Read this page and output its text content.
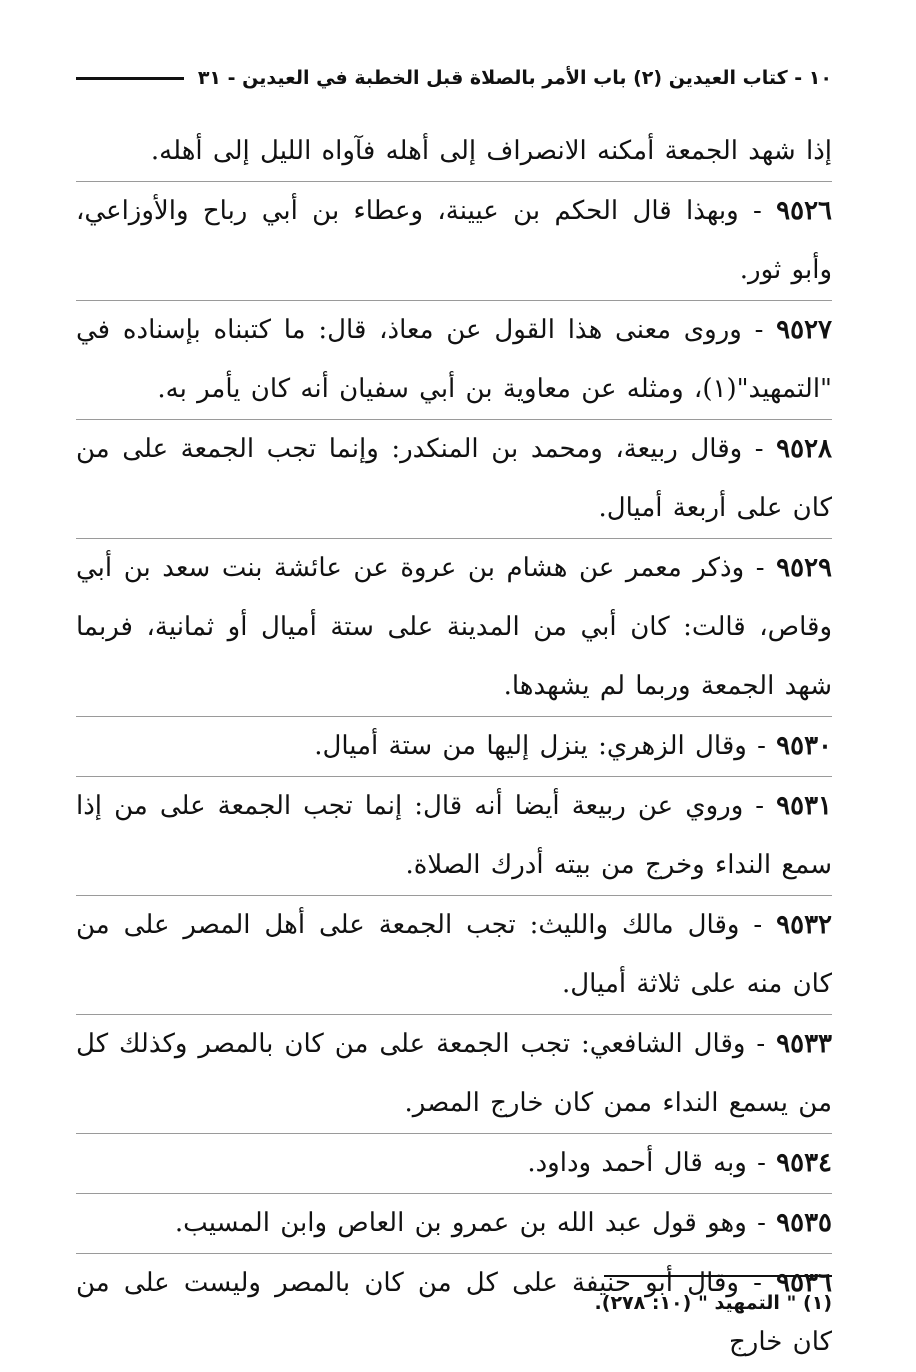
١٠ - كتاب العيدين (٢) باب الأمر بالصلاة قبل الخطبة في العيدين - ٣١

إذا شهد الجمعة أمكنه الانصراف إلى أهله فآواه الليل إلى أهله.

٩٥٢٦ - وبهذا قال الحكم بن عيينة، وعطاء بن أبي رباح والأوزاعي، وأبو ثور.

٩٥٢٧ - وروى معنى هذا القول عن معاذ، قال: ما كتبناه بإسناده في "التمهيد"(١)، ومثله عن معاوية بن أبي سفيان أنه كان يأمر به.

٩٥٢٨ - وقال ربيعة، ومحمد بن المنكدر: وإنما تجب الجمعة على من كان على أربعة أميال.

٩٥٢٩ - وذكر معمر عن هشام بن عروة عن عائشة بنت سعد بن أبي وقاص، قالت: كان أبي من المدينة على ستة أميال أو ثمانية، فربما شهد الجمعة وربما لم يشهدها.

٩٥٣٠ - وقال الزهري: ينزل إليها من ستة أميال.

٩٥٣١ - وروي عن ربيعة أيضا أنه قال: إنما تجب الجمعة على من إذا سمع النداء وخرج من بيته أدرك الصلاة.

٩٥٣٢ - وقال مالك والليث: تجب الجمعة على أهل المصر على من كان منه على ثلاثة أميال.

٩٥٣٣ - وقال الشافعي: تجب الجمعة على من كان بالمصر وكذلك كل من يسمع النداء ممن كان خارج المصر.

٩٥٣٤ - وبه قال أحمد وداود.

٩٥٣٥ - وهو قول عبد الله بن عمرو بن العاص وابن المسيب.

٩٥٣٦ - وقال أبو حنيفة على كل من كان بالمصر وليست على من كان خارج

(١) " التمهيد " (١٠: ٢٧٨).
